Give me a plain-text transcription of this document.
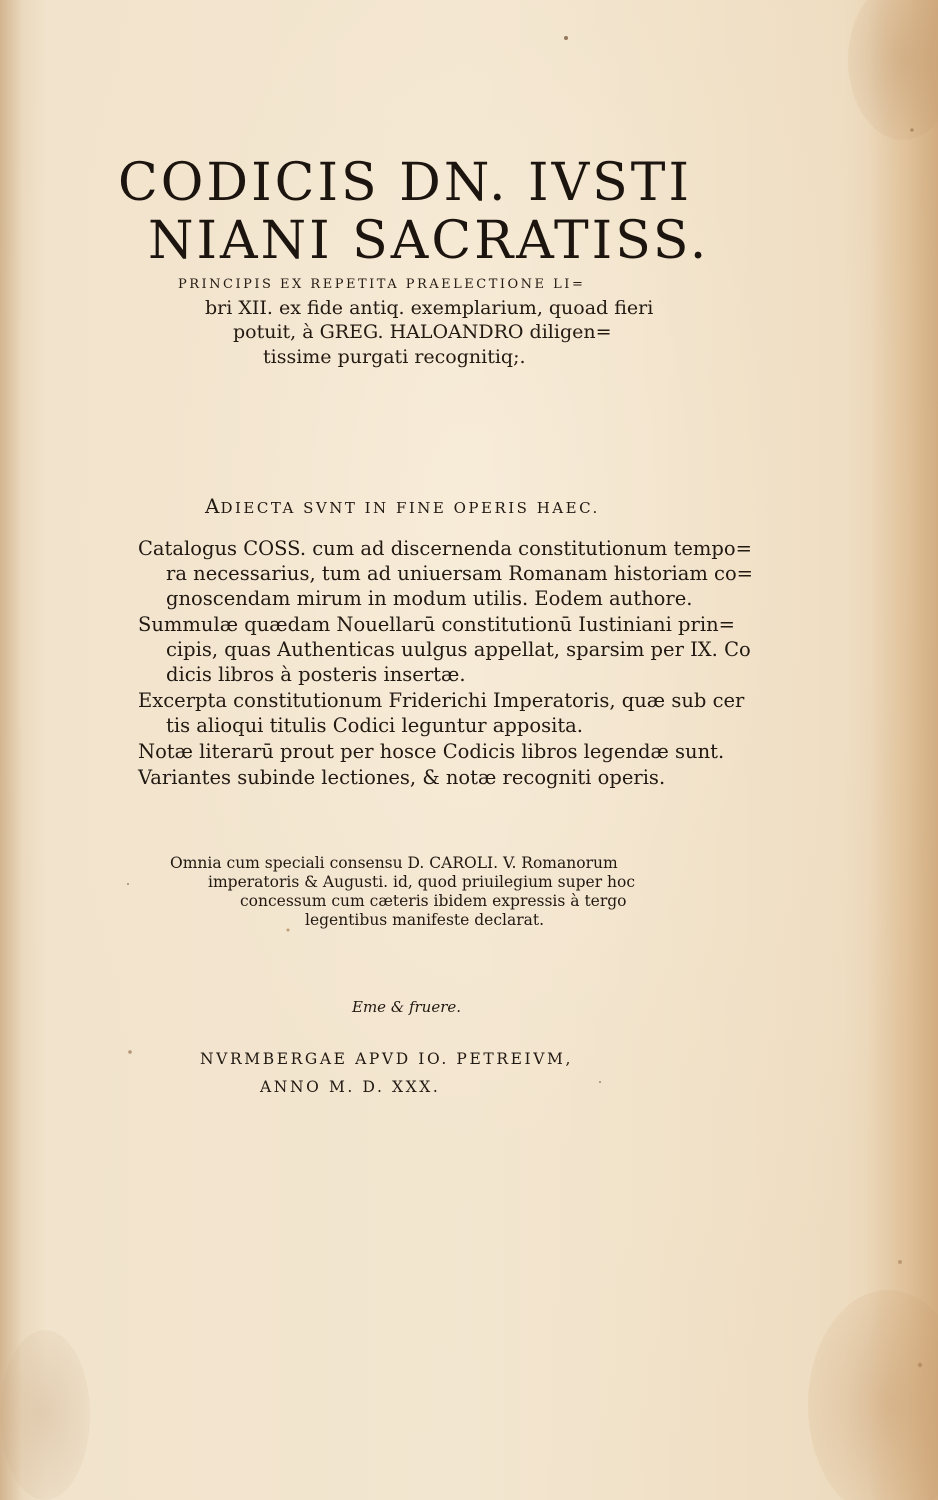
CODICIS DN. IVSTI
NIANI SACRATISS.
PRINCIPIS EX REPETITA PRAELECTIONE LI=
bri XII. ex fide antiq. exemplarium, quoad fieri
potuit, à GREG. HALOANDRO diligen=
tissime purgati recognitiq;.
ADIECTA SVNT IN FINE OPERIS HAEC.
Catalogus COSS. cum ad discernenda constitutionum tempo=
ra necessarius, tum ad uniuersam Romanam historiam co=
gnoscendam mirum in modum utilis. Eodem authore.
Summulæ quædam Nouellarū constitutionū Iustiniani prin=
cipis, quas Authenticas uulgus appellat, sparsim per IX. Co
dicis libros à posteris insertæ.
Excerpta constitutionum Friderichi Imperatoris, quæ sub cer
tis alioqui titulis Codici leguntur apposita.
Notæ literarū prout per hosce Codicis libros legendæ sunt.
Variantes subinde lectiones, & notæ recogniti operis.
Omnia cum speciali consensu D. CAROLI. V. Romanorum
imperatoris & Augusti. id, quod priuilegium super hoc
concessum cum cæteris ibidem expressis à tergo
legentibus manifeste declarat.
Eme & fruere.
NVRMBERGAE APVD IO. PETREIVM,
ANNO M. D. XXX.
